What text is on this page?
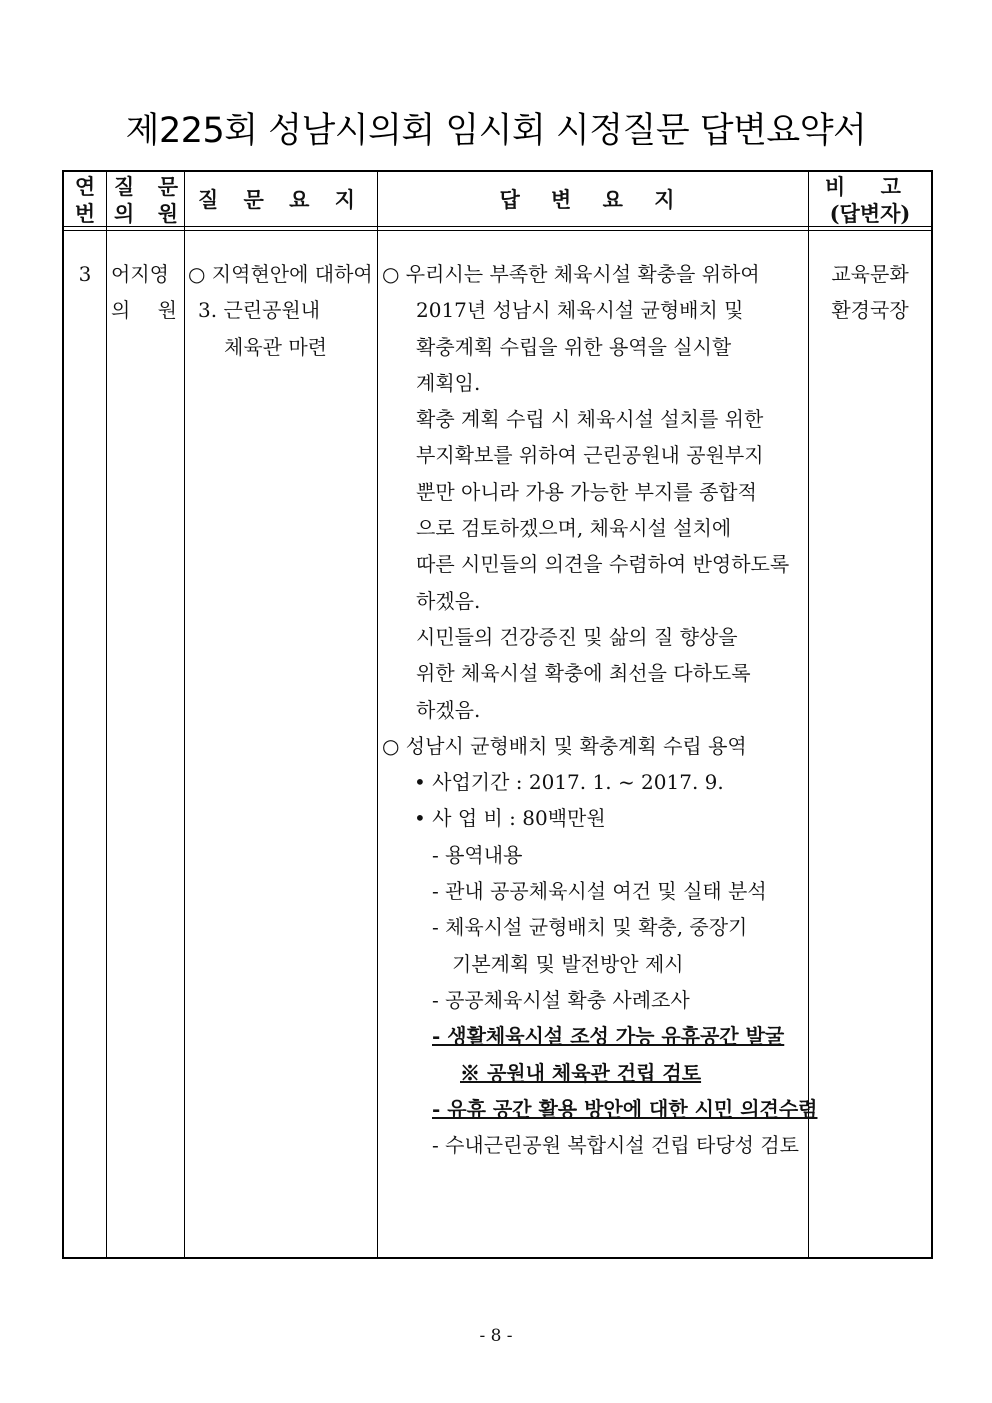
제225회 성남시의회 임시회 시정질문 답변요약서
연
번
질 문
의 원
질 문 요 지	답 변 요 지
비 고
(답변자)
3 어지영
의 원
○ 지역현안에 대하여
3. 근린공원내
체육관 마련
○ 우리시는 부족한 체육시설 확충을 위하여
2017년 성남시 체육시설 균형배치 및
확충계획 수립을 위한 용역을 실시할
계획임.
확충 계획 수립 시 체육시설 설치를 위한
부지확보를 위하여 근린공원내 공원부지
뿐만 아니라 가용 가능한 부지를 종합적
으로 검토하겠으며, 체육시설 설치에
따른 시민들의 의견을 수렴하여 반영하도록
하겠음.
시민들의 건강증진 및 삶의 질 향상을
위한 체육시설 확충에 최선을 다하도록
하겠음.
○ 성남시 균형배치 및 확충계획 수립 용역
• 사업기간 : 2017. 1. ~ 2017. 9.
• 사 업 비 : 80백만원
- 용역내용
- 관내 공공체육시설 여건 및 실태 분석
- 체육시설 균형배치 및 확충, 중장기
기본계획 및 발전방안 제시
- 공공체육시설 확충 사례조사
- 생활체육시설 조성 가능 유휴공간 발굴
※ 공원내 체육관 건립 검토
- 유휴 공간 활용 방안에 대한 시민 의견수렴
- 수내근린공원 복합시설 건립 타당성 검토
교육문화
환경국장
- 8 -
